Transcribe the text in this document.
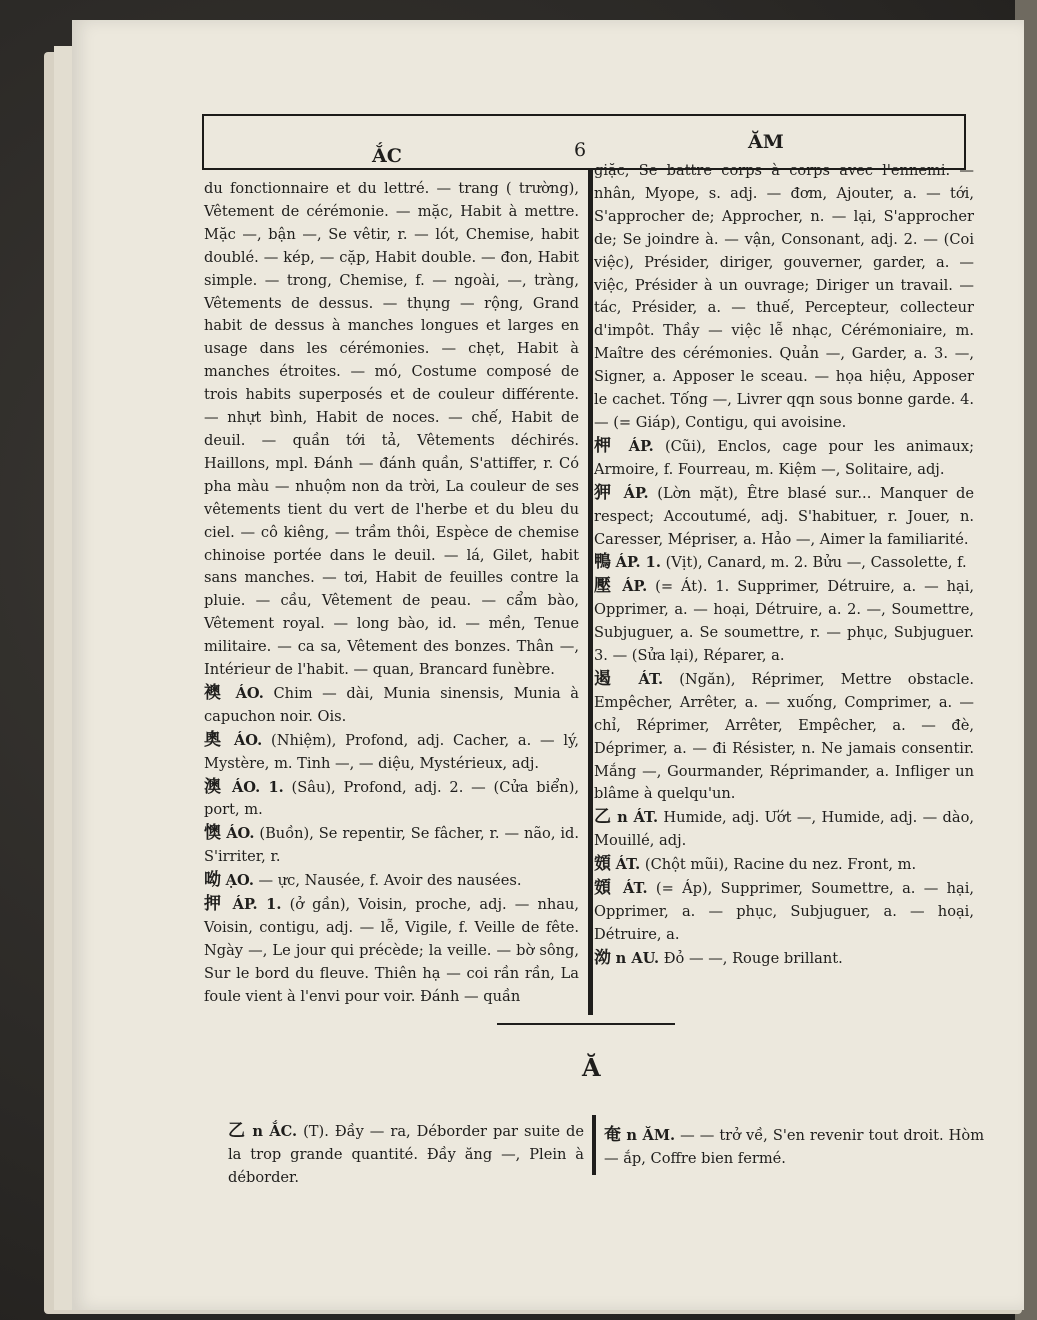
ẮC	6	ĂM

du fonctionnaire et du lettré. — trang ( trường), Vêtement de cérémonie. — mặc, Habit à mettre. Mặc —, bận —, Se vêtir, r. — lót, Chemise, habit doublé. — kép, — cặp, Habit double. — đon, Habit simple. — trong, Chemise, f. — ngoài, —, tràng, Vêtements de dessus. — thụng — rộng, Grand habit de dessus à manches longues et larges en usage dans les cérémonies. — chẹt, Habit à manches étroites. — mó, Costume composé de trois habits superposés et de couleur différente. — nhựt bình, Habit de noces. — chế, Habit de deuil. — quần tới tả, Vêtements déchirés. Haillons, mpl. Đánh — đánh quần, S'attiffer, r. Có pha màu — nhuộm non da trời, La couleur de ses vêtements tient du vert de l'herbe et du bleu du ciel. — cô kiêng, — trầm thôi, Espèce de chemise chinoise portée dans le deuil. — lá, Gilet, habit sans manches. — tơi, Habit de feuilles contre la pluie. — cầu, Vêtement de peau. — cẩm bào, Vêtement royal. — long bào, id. — mền, Tenue militaire. — ca sa, Vêtement des bonzes. Thân —, Intérieur de l'habit. — quan, Brancard funèbre.

襖 ÁO. Chim — dài, Munia sinensis, Munia à capuchon noir. Ois.

奧 ÁO. (Nhiệm), Profond, adj. Cacher, a. — lý, Mystère, m. Tinh —, — diệu, Mystérieux, adj.

澳 ÁO. 1. (Sâu), Profond, adj. 2. — (Cửa biển), port, m.

懊 ÁO. (Buồn), Se repentir, Se fâcher, r. — não, id. S'irriter, r.

呦 ẠO. — ực, Nausée, f. Avoir des nausées.

押 ÁP. 1. (ở gần), Voisin, proche, adj. — nhau, Voisin, contigu, adj. — lễ, Vigile, f. Veille de fête. Ngày —, Le jour qui précède; la veille. — bờ sông, Sur le bord du fleuve. Thiên hạ — coi rần rần, La foule vient à l'envi pour voir. Đánh — quần

giặc, Se battre corps à corps avec l'ennemi. — nhân, Myope, s. adj. — đơm, Ajouter, a. — tới, S'approcher de; Approcher, n. — lại, S'approcher de; Se joindre à. — vận, Consonant, adj. 2. — (Coi việc), Présider, diriger, gouverner, garder, a. — việc, Présider à un ouvrage; Diriger un travail. — tác, Présider, a. — thuế, Percepteur, collecteur d'impôt. Thầy — việc lễ nhạc, Cérémoniaire, m. Maître des cérémonies. Quản —, Garder, a. 3. —, Signer, a. Apposer le sceau. — họa hiệu, Apposer le cachet. Tống —, Livrer qqn sous bonne garde. 4. — (= Giáp), Contigu, qui avoisine.

柙 ÁP. (Cũi), Enclos, cage pour les animaux; Armoire, f. Fourreau, m. Kiệm —, Solitaire, adj.

狎 ÁP. (Lờn mặt), Être blasé sur... Manquer de respect; Accoutumé, adj. S'habituer, r. Jouer, n. Caresser, Mépriser, a. Hảo —, Aimer la familiarité.

鴨 ÁP. 1. (Vịt), Canard, m. 2. Bửu —, Cassolette, f.

壓 ÁP. (= Át). 1. Supprimer, Détruire, a. — hại, Opprimer, a. — hoại, Détruire, a. 2. —, Soumettre, Subjuguer, a. Se soumettre, r. — phục, Subjuguer. 3. — (Sửa lại), Réparer, a.

遏 ÁT. (Ngăn), Réprimer, Mettre obstacle. Empêcher, Arrêter, a. — xuống, Comprimer, a. — chỉ, Réprimer, Arrêter, Empêcher, a. — đè, Déprimer, a. — đi Résister, n. Ne jamais consentir. Mắng —, Gourmander, Réprimander, a. Infliger un blâme à quelqu'un.

乙 n ÁT. Humide, adj. Ướt —, Humide, adj. — dào, Mouillé, adj.

頞 ÁT. (Chột mũi), Racine du nez. Front, m.

頞 ÁT. (= Áp), Supprimer, Soumettre, a. — hại, Opprimer, a. — phục, Subjuguer, a. — hoại, Détruire, a.

泑 n AU. Đỏ — —, Rouge brillant.

Ă

乙 n ẮC. (T). Đầy — ra, Déborder par suite de la trop grande quantité. Đầy ăng —, Plein à déborder.

奄 n ĂM. — — trở về, S'en revenir tout droit. Hòm — ắp, Coffre bien fermé.
